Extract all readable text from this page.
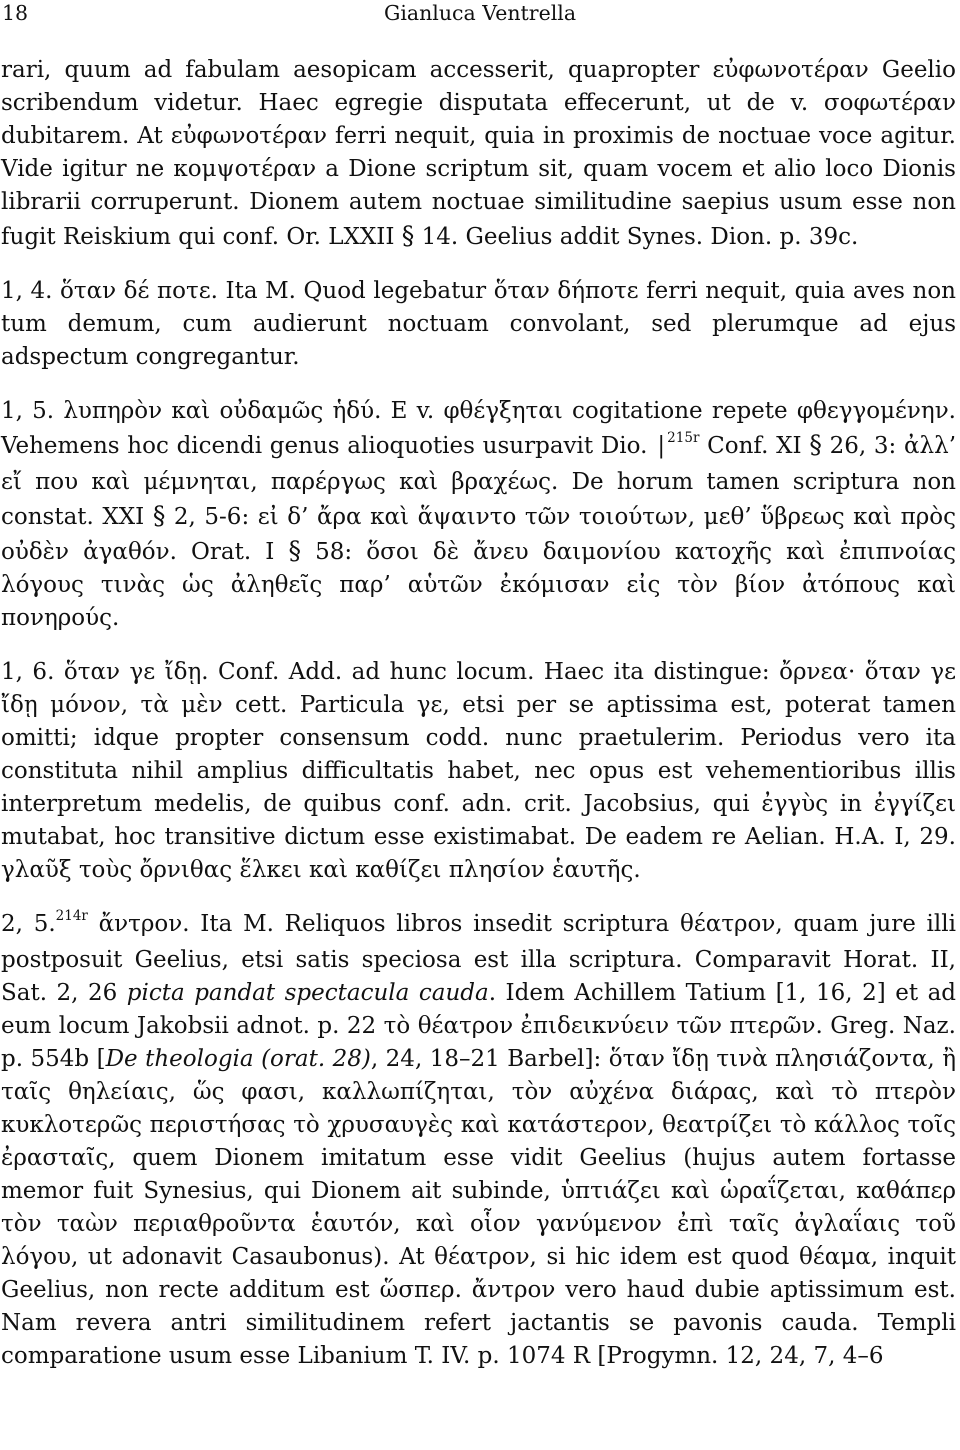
18	Gianluca Ventrella

rari, quum ad fabulam aesopicam accesserit, quapropter εὐφωνοτέραν Geelio scribendum videtur. Haec egregie disputata effecerunt, ut de v. σοφωτέραν dubitarem. At εὐφωνοτέραν ferri nequit, quia in proximis de noctuae voce agitur. Vide igitur ne κομψοτέραν a Dione scriptum sit, quam vocem et alio loco Dionis librarii corruperunt. Dionem autem noctuae similitudine saepius usum esse non fugit Reiskium qui conf. Or. LXXII § 14. Geelius addit Synes. Dion. p. 39c.

1, 4. ὅταν δέ ποτε. Ita M. Quod legebatur ὅταν δήποτε ferri nequit, quia aves non tum demum, cum audierunt noctuam convolant, sed plerumque ad ejus adspectum congregantur.

1, 5. λυπηρὸν καὶ οὐδαμῶς ἡδύ. E v. φθέγξηται cogitatione repete φθεγγομένην. Vehemens hoc dicendi genus alioquoties usurpavit Dio. | $^{215r}$ Conf. XI § 26, 3: ἀλλ’ εἴ που καὶ μέμνηται, παρέργως καὶ βραχέως. De horum tamen scriptura non constat. XXI § 2, 5-6: εἰ δ’ ἄρα καὶ ἅψαιντο τῶν τοιούτων, μεθ’ ὕβρεως καὶ πρὸς οὐδὲν ἀγαθόν. Orat. I § 58: ὅσοι δὲ ἄνευ δαιμονίου κατοχῆς καὶ ἐπιπνοίας λόγους τινὰς ὡς ἀληθεῖς παρ’ αὑτῶν ἐκόμισαν εἰς τὸν βίον ἀτόπους καὶ πονηρούς.

1, 6. ὅταν γε ἴδῃ. Conf. Add. ad hunc locum. Haec ita distingue: ὄρνεα· ὅταν γε ἴδῃ μόνον, τὰ μὲν cett. Particula γε, etsi per se aptissima est, poterat tamen omitti; idque propter consensum codd. nunc praetulerim. Periodus vero ita constituta nihil amplius difficultatis habet, nec opus est vehementioribus illis interpretum medelis, de quibus conf. adn. crit. Jacobsius, qui ἐγγὺς in ἐγγίζει mutabat, hoc transitive dictum esse existimabat. De eadem re Aelian. H.A. I, 29. γλαῦξ τοὺς ὄρνιθας ἕλκει καὶ καθίζει πλησίον ἑαυτῆς.

2, 5.$^{214r}$ ἄντρον. Ita M. Reliquos libros insedit scriptura θέατρον, quam jure illi postposuit Geelius, etsi satis speciosa est illa scriptura. Comparavit Horat. II, Sat. 2, 26 picta pandat spectacula cauda. Idem Achillem Tatium [1, 16, 2] et ad eum locum Jakobsii adnot. p. 22 τὸ θέατρον ἐπιδεικνύειν τῶν πτερῶν. Greg. Naz. p. 554b [De theologia (orat. 28), 24, 18–21 Barbel]: ὅταν ἴδῃ τινὰ πλησιάζοντα, ἢ ταῖς θηλείαις, ὥς φασι, καλλωπίζηται, τὸν αὐχένα διάρας, καὶ τὸ πτερὸν κυκλοτερῶς περιστήσας τὸ χρυσαυγὲς καὶ κατάστερον, θεατρίζει τὸ κάλλος τοῖς ἐρασταῖς, quem Dionem imitatum esse vidit Geelius (hujus autem fortasse memor fuit Synesius, qui Dionem ait subinde, ὑπτιάζει καὶ ὡραΐζεται, καθάπερ τὸν ταὼν περιαθροῦντα ἑαυτόν, καὶ οἷον γανύμενον ἐπὶ ταῖς ἀγλαΐαις τοῦ λόγου, ut adonavit Casaubonus). At θέατρον, si hic idem est quod θέαμα, inquit Geelius, non recte additum est ὥσπερ. ἄντρον vero haud dubie aptissimum est. Nam revera antri similitudinem refert jactantis se pavonis cauda. Templi comparatione usum esse Libanium T. IV. p. 1074 R [Progymn. 12, 24, 7, 4–6
